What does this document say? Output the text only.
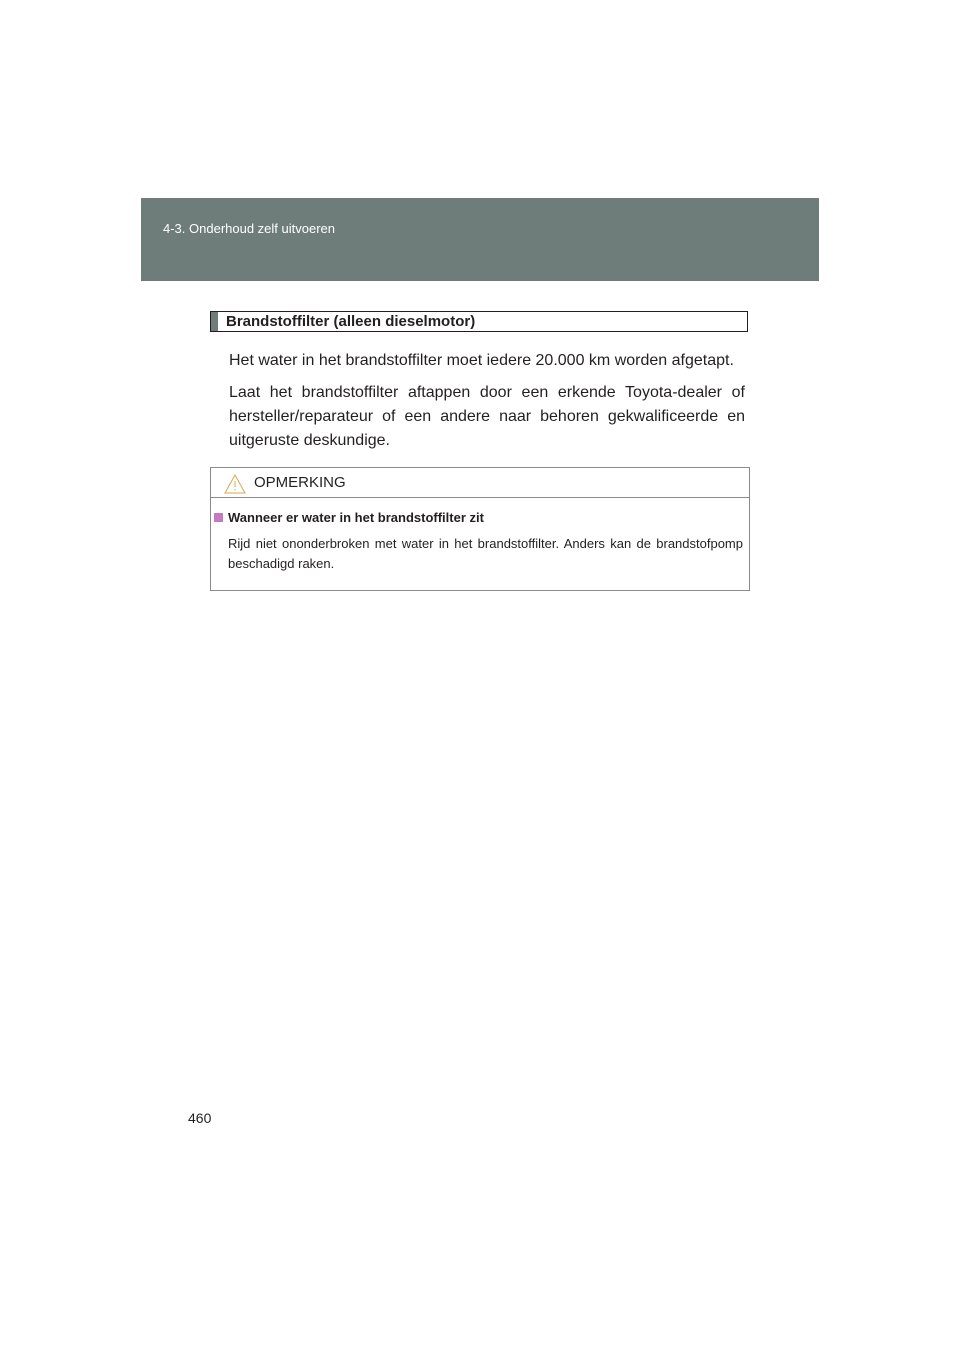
4-3. Onderhoud zelf uitvoeren
Brandstoffilter (alleen dieselmotor)
Het water in het brandstoffilter moet iedere 20.000 km worden afgetapt.
Laat het brandstoffilter aftappen door een erkende Toyota-dealer of hersteller/reparateur of een andere naar behoren gekwalificeerde en uitgeruste deskundige.
OPMERKING
Wanneer er water in het brandstoffilter zit
Rijd niet ononderbroken met water in het brandstoffilter. Anders kan de brandstofpomp beschadigd raken.
460
